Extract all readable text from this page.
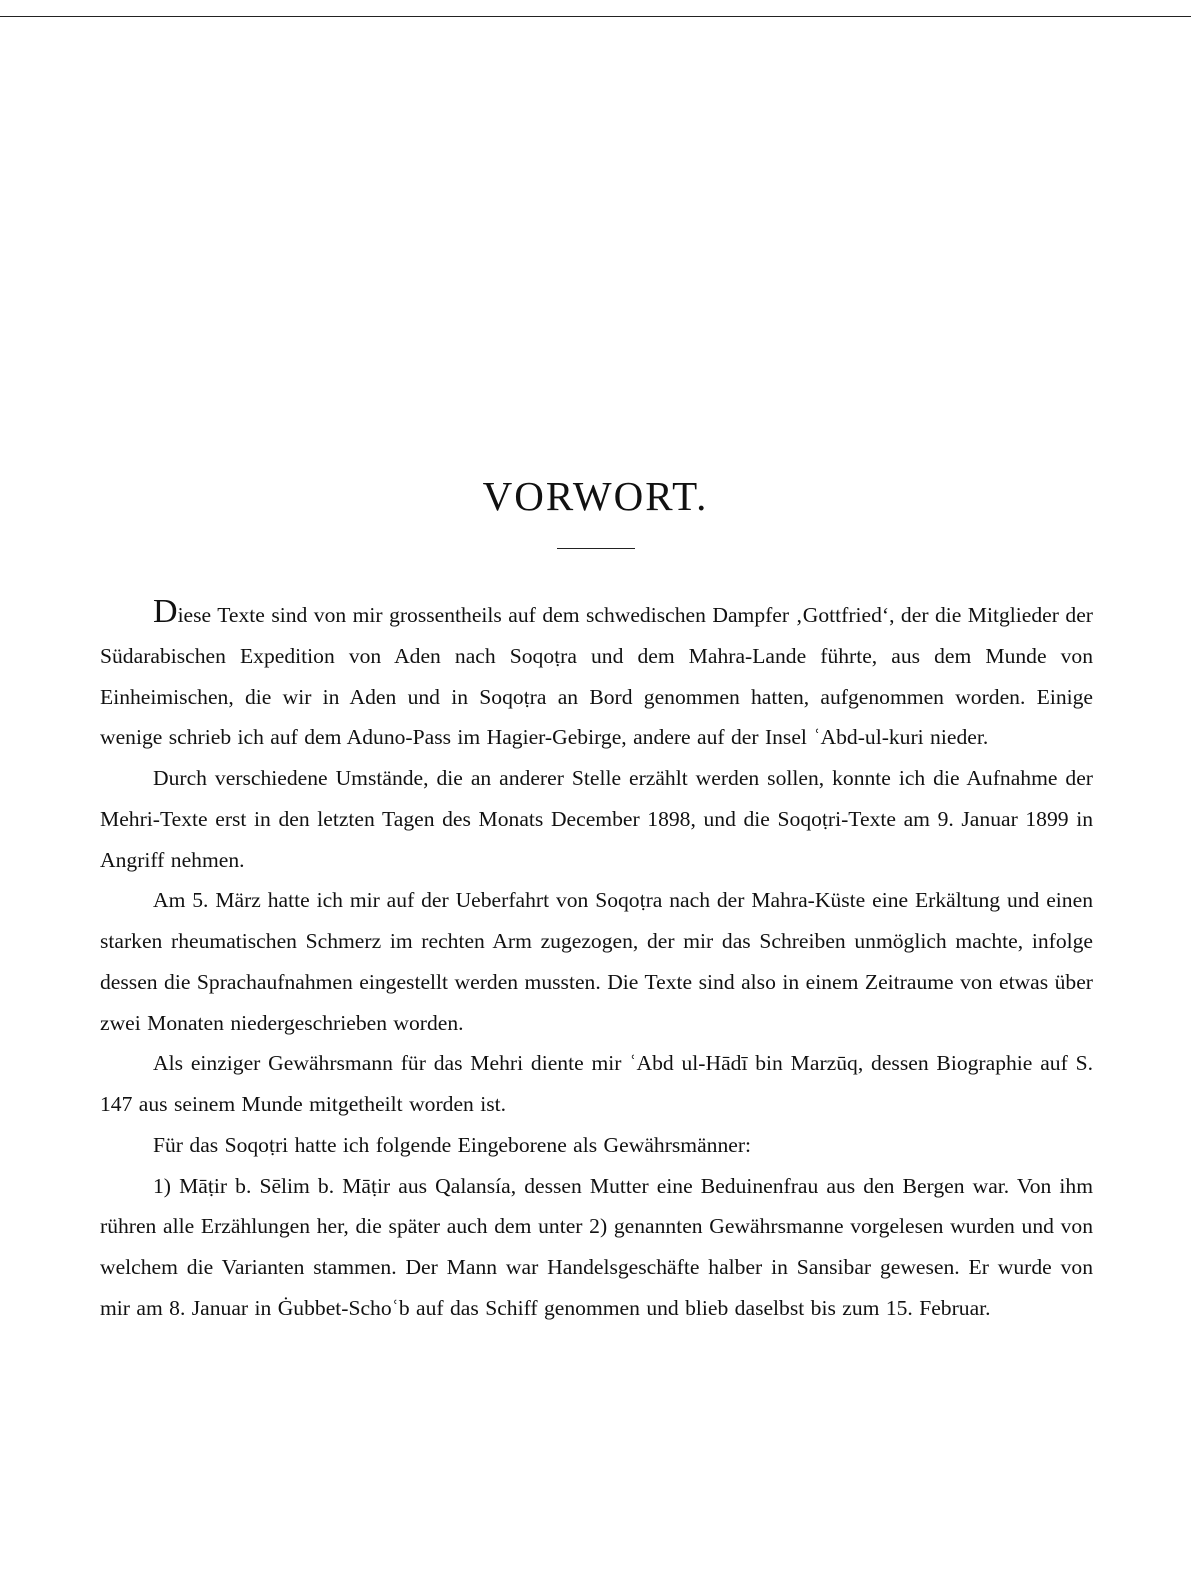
VORWORT.

Diese Texte sind von mir grossentheils auf dem schwedischen Dampfer ‚Gottfried‘, der die Mitglieder der Südarabischen Expedition von Aden nach Soqoṭra und dem Mahra-Lande führte, aus dem Munde von Einheimischen, die wir in Aden und in Soqoṭra an Bord genommen hatten, aufgenommen worden. Einige wenige schrieb ich auf dem Aduno-Pass im Hagier-Gebirge, andere auf der Insel ʿAbd-ul-kuri nieder.

Durch verschiedene Umstände, die an anderer Stelle erzählt werden sollen, konnte ich die Aufnahme der Mehri-Texte erst in den letzten Tagen des Monats December 1898, und die Soqoṭri-Texte am 9. Januar 1899 in Angriff nehmen.

Am 5. März hatte ich mir auf der Ueberfahrt von Soqoṭra nach der Mahra-Küste eine Erkältung und einen starken rheumatischen Schmerz im rechten Arm zugezogen, der mir das Schreiben unmöglich machte, infolge dessen die Sprachaufnahmen eingestellt werden mussten. Die Texte sind also in einem Zeitraume von etwas über zwei Monaten niedergeschrieben worden.

Als einziger Gewährsmann für das Mehri diente mir ʿAbd ul-Hādī bin Marzūq, dessen Biographie auf S. 147 aus seinem Munde mitgetheilt worden ist.

Für das Soqoṭri hatte ich folgende Eingeborene als Gewährsmänner:

1) Māṭir b. Sēlim b. Māṭir aus Qalansía, dessen Mutter eine Beduinenfrau aus den Bergen war. Von ihm rühren alle Erzählungen her, die später auch dem unter 2) genannten Gewährsmanne vorgelesen wurden und von welchem die Varianten stammen. Der Mann war Handelsgeschäfte halber in Sansibar gewesen. Er wurde von mir am 8. Januar in Ġubbet-Schoʿb auf das Schiff genommen und blieb daselbst bis zum 15. Februar.
